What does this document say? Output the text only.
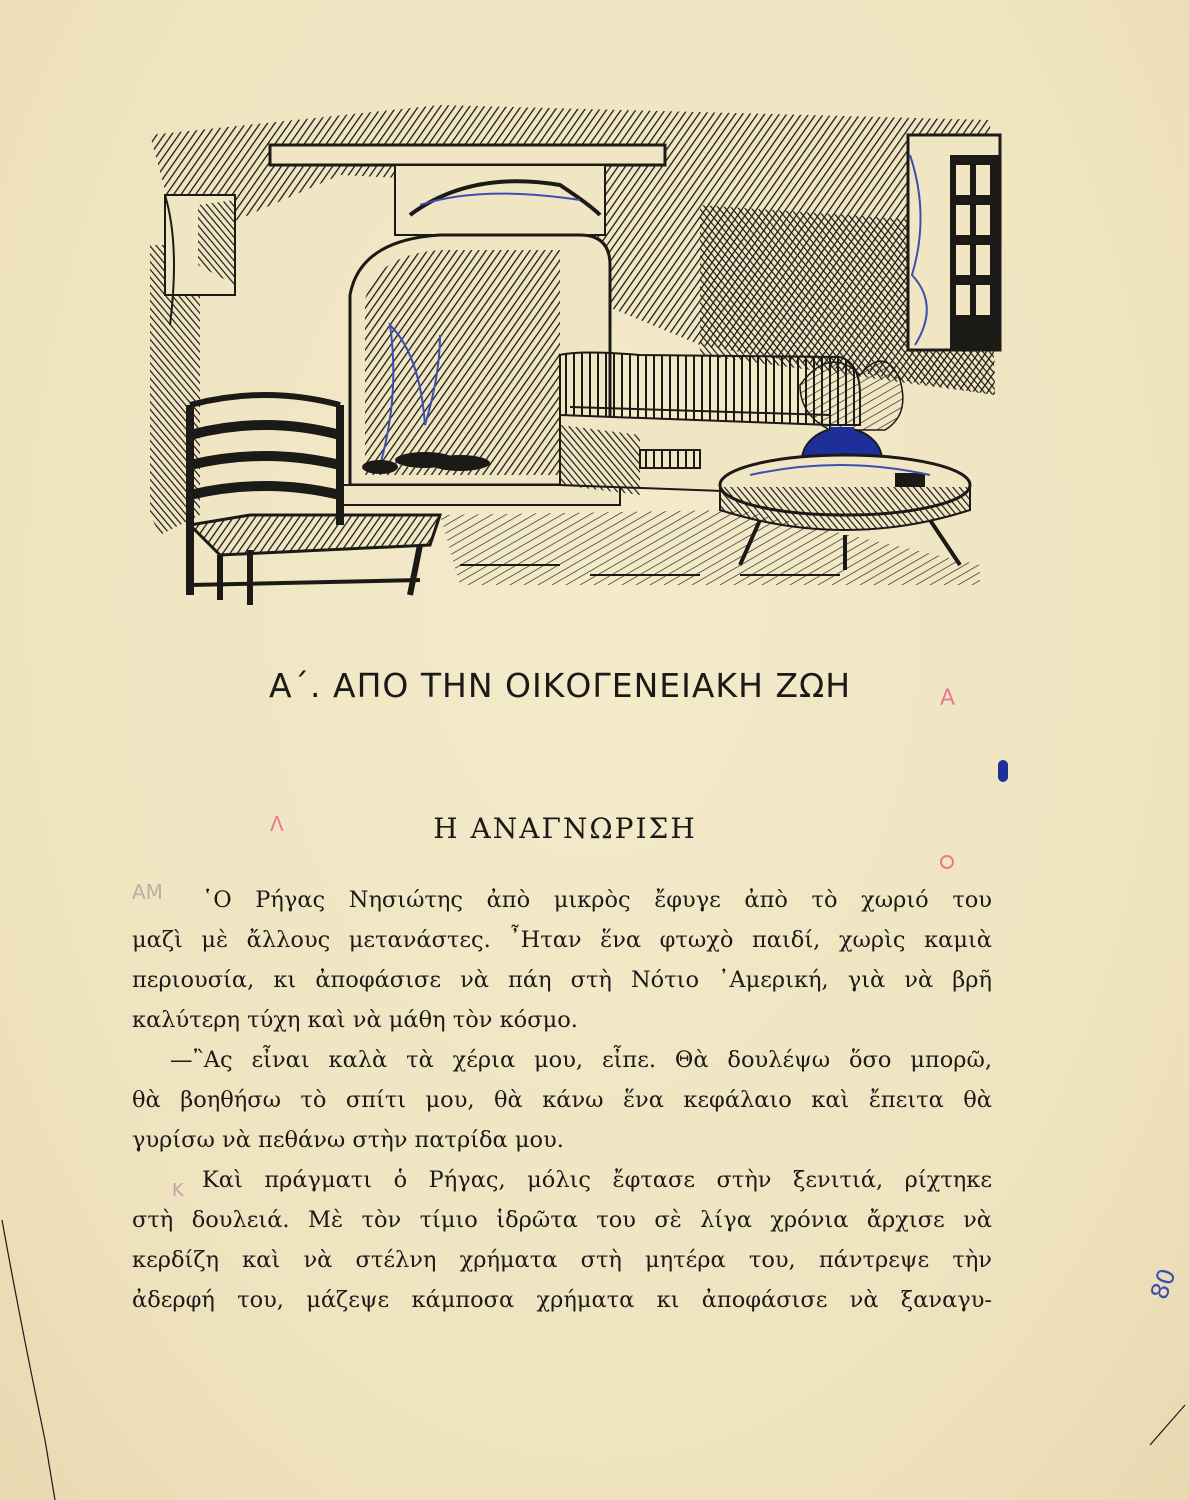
Α΄. ΑΠΟ ΤΗΝ ΟΙΚΟΓΕΝΕΙΑΚΗ ΖΩΗ	Α
Λ
ΑΜ
Κ
80
Η ΑΝΑΓΝΩΡΙΣΗ
῾Ο Ρήγας Νησιώτης ἀπὸ μικρὸς ἔφυγε ἀπὸ τὸ χωριό του
μαζὶ μὲ ἄλλους μετανάστες. ῏Ηταν ἕνα φτωχὸ παιδί, χωρὶς καμιὰ
περιουσία, κι ἀποφάσισε νὰ πάη στὴ Νότιο ᾿Αμερική, γιὰ νὰ βρῆ
καλύτερη τύχη καὶ νὰ μάθη τὸν κόσμο.
—῍Ας εἶναι καλὰ τὰ χέρια μου, εἶπε. Θὰ δουλέψω ὅσο μπορῶ,
θὰ βοηθήσω τὸ σπίτι μου, θὰ κάνω ἕνα κεφάλαιο καὶ ἔπειτα θὰ
γυρίσω νὰ πεθάνω στὴν πατρίδα μου.
Καὶ πράγματι ὁ Ρήγας, μόλις ἔφτασε στὴν ξενιτιά, ρίχτηκε
στὴ δουλειά. Μὲ τὸν τίμιο ἱδρῶτα του σὲ λίγα χρόνια ἄρχισε νὰ
κερδίζη καὶ νὰ στέλνη χρήματα στὴ μητέρα του, πάντρεψε τὴν
ἀδερφή του, μάζεψε κάμποσα χρήματα κι ἀποφάσισε νὰ ξαναγυ-
